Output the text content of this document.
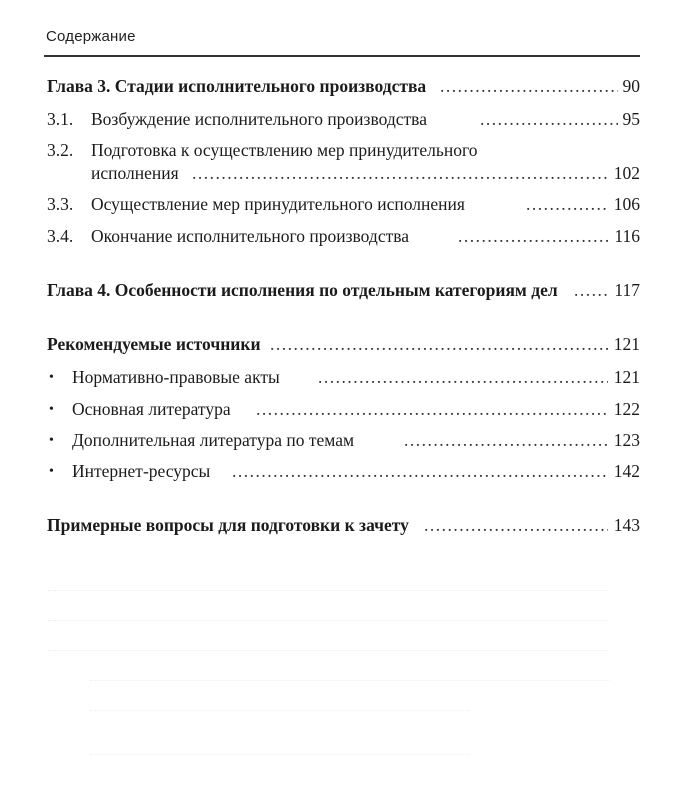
Содержание
Глава 3. Стадии исполнительного производства .....	90
3.1. Возбуждение исполнительного производства .....	95
3.2. Подготовка к осуществлению мер принудительного
исполнения .....	102
3.3. Осуществление мер принудительного исполнения .....	106
3.4. Окончание исполнительного производства .....	116
Глава 4. Особенности исполнения по отдельным категориям дел .....	117
Рекомендуемые источники .....	121
• Нормативно-правовые акты .....	121
• Основная литература .....	122
• Дополнительная литература по темам .....	123
• Интернет-ресурсы .....	142
Примерные вопросы для подготовки к зачету .....	143
